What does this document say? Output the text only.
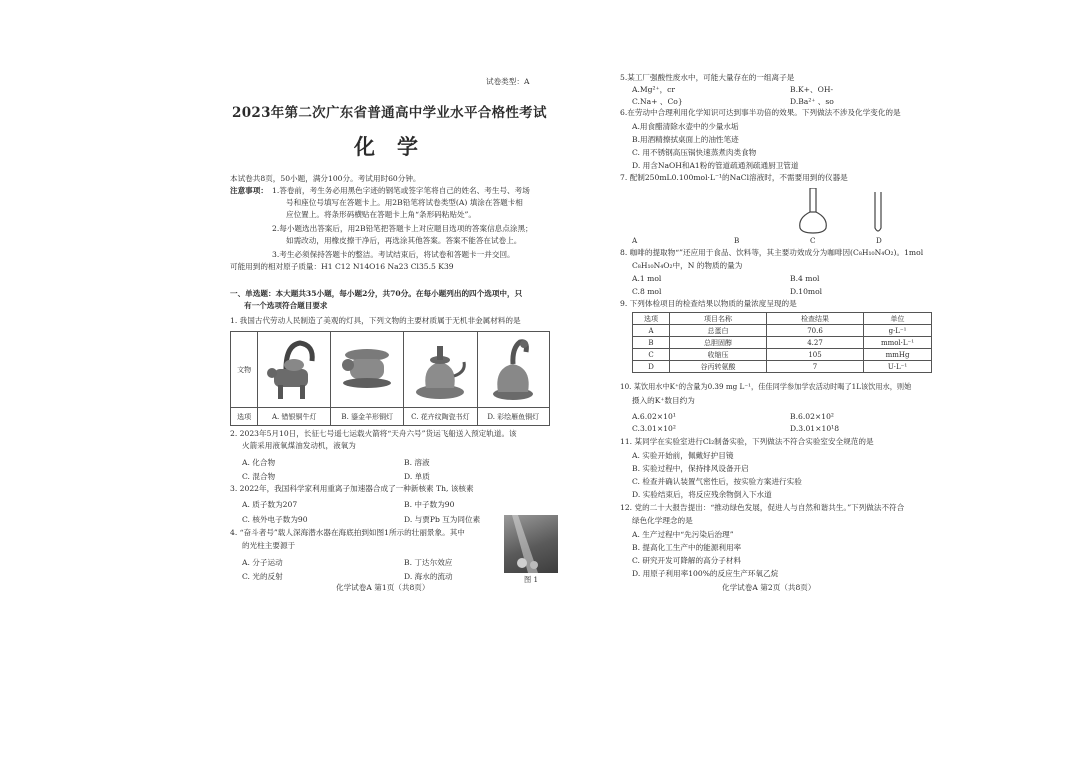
试卷类型：A
2023年第二次广东省普通高中学业水平合格性考试
化学
本试卷共8页，50小题，满分100分。考试用时60分钟。
注意事项： 1.答卷前，考生务必用黑色字迹的钢笔或签字笔将自己的姓名、考生号、考场
号和座位号填写在答题卡上。用2B铅笔将试卷类型(A) 填涂在答题卡相
应位置上。将条形码横贴在答题卡上角“条形码粘贴处”。
2.每小题选出答案后，用2B铅笔把答题卡上对应题目选项的答案信息点涂黑；
如需改动，用橡皮擦干净后，再选涂其他答案。答案不能答在试卷上。
3.考生必须保持答题卡的整洁。考试结束后，将试卷和答题卡一并交回。
可能用到的相对原子质量：H1 C12 N14O16 Na23 Cl35.5 K39
一、单选题：本大题共35小题，每小题2分，共70分。在每小题列出的四个选项中，只
有一个选项符合题目要求
1. 我国古代劳动人民制造了美观的灯具，下列文物的主要材质属于无机非金属材料的是
文物				
选项	A. 错银铜牛灯	B. 鎏金羊形铜灯	C. 花卉纹陶瓷书灯	D. 彩绘雁鱼铜灯
2. 2023年5月10日，长征七号遥七运载火箭将“天舟六号”货运飞船送入预定轨道。该
火箭采用液氧煤油发动机，液氧为
A. 化合物	B. 溶液
C. 混合物	D. 单质
3. 2022年，我国科学家利用重离子加速器合成了一种新核素 Th, 该核素
A. 质子数为207	B. 中子数为90
C. 核外电子数为90	D. 与贾Pb 互为同位素
4. “奋斗者号”载人深海潜水器在海底拍到如图1所示的壮丽景象。其中
的光柱主要源于
A. 分子运动	B. 丁达尔效应
C. 光的反射	D. 海水的流动	图 1
化学试卷A 第1页（共8页）
5.某工厂强酸性废水中，可能大量存在的一组离子是
A.Mg²⁺，cr	B.K+、OH-
C.Na+ 、Co}	D.Ba²⁺ 、so
6.在劳动中合理利用化学知识可达到事半功倍的效果。下列做法不涉及化学变化的是
A.用食醋清除水壶中的少量水垢
B.用酒精擦拭桌面上的油性笔迹
C. 用不锈钢高压锅快速蒸煮肉类食物
D. 用含NaOH和A1粉的管道疏通剂疏通厨卫管道
7. 配制250mL0.100mol·L⁻¹的NaCl溶液时，不需要用到的仪器是
A	B	C	D
8. 咖啡的提取物“”还应用于食品、饮料等，其主要功效成分为咖啡因(C₈H₁₀N₄O₂)。1mol
C₈H₁₀N₄O₂中，N 的物质的量为
A.1 mol	B.4 mol
C.8 mol	D.10mol
9. 下列体检项目的检查结果以物质的量浓度呈现的是
选项	项目名称	检查结果	单位
A	总蛋白	70.6	g·L⁻¹
B	总胆固醇	4.27	mmol·L⁻¹
C	收缩压	105	mmHg
D	谷丙转氨酸	7	U·L⁻¹
10. 某饮用水中K⁺的含量为0.39 mg L⁻¹，佳佳同学参加学农活动时喝了1L该饮用水，则她
摄入的K⁺数目约为
A.6.02×10¹	B.6.02×10²
C.3.01×10²	D.3.01×10¹8
11. 某同学在实验室进行Cl₂制备实验，下列做法不符合实验室安全规范的是
A. 实验开始前，佩戴好护目镜
B. 实验过程中，保持排风设备开启
C. 检查并确认装置气密性后，按实验方案进行实验
D. 实验结束后，将反应残余物倒入下水道
12. 党的二十大报告提出：“推动绿色发展，促进人与自然和谐共生。”下列做法不符合
绿色化学理念的是
A. 生产过程中“先污染后治理”
B. 提高化工生产中的能源利用率
C. 研究开发可降解的高分子材料
D. 用原子利用率100%的反应生产环氧乙烷
化学试卷A 第2页（共8页）
